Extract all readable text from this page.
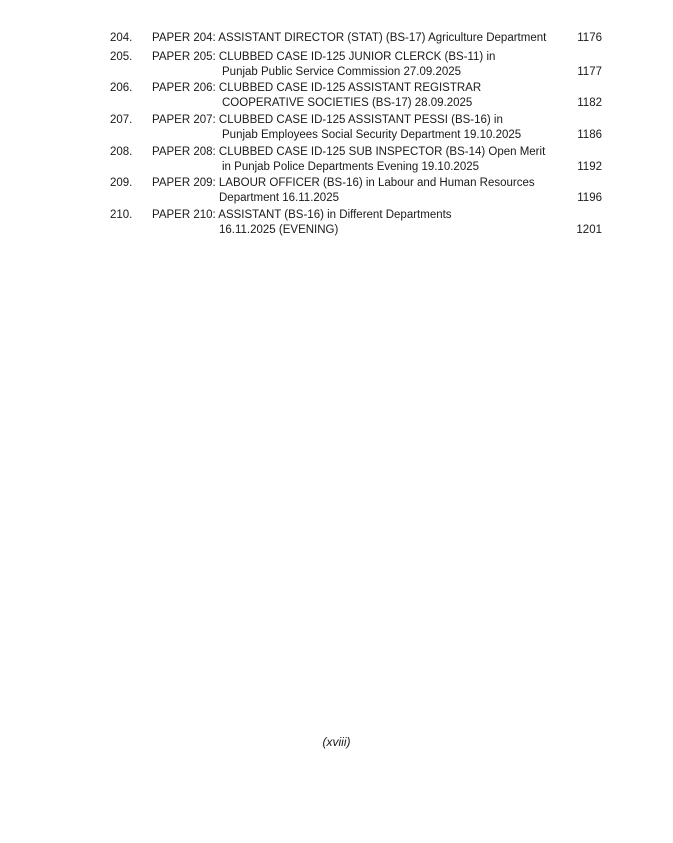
204. PAPER 204: ASSISTANT DIRECTOR (STAT) (BS-17) Agriculture Department	1176
205. PAPER 205: CLUBBED CASE ID-125 JUNIOR CLERCK (BS-11) in
Punjab Public Service Commission 27.09.2025	1177
206. PAPER 206: CLUBBED CASE ID-125 ASSISTANT REGISTRAR
COOPERATIVE SOCIETIES (BS-17) 28.09.2025	1182
207. PAPER 207: CLUBBED CASE ID-125 ASSISTANT PESSI (BS-16) in
Punjab Employees Social Security Department 19.10.2025	1186
208. PAPER 208: CLUBBED CASE ID-125 SUB INSPECTOR (BS-14) Open Merit
in Punjab Police Departments Evening 19.10.2025	1192
209. PAPER 209: LABOUR OFFICER (BS-16) in Labour and Human Resources
Department 16.11.2025	1196
210. PAPER 210: ASSISTANT (BS-16) in Different Departments
16.11.2025 (EVENING)	1201
(xviii)
